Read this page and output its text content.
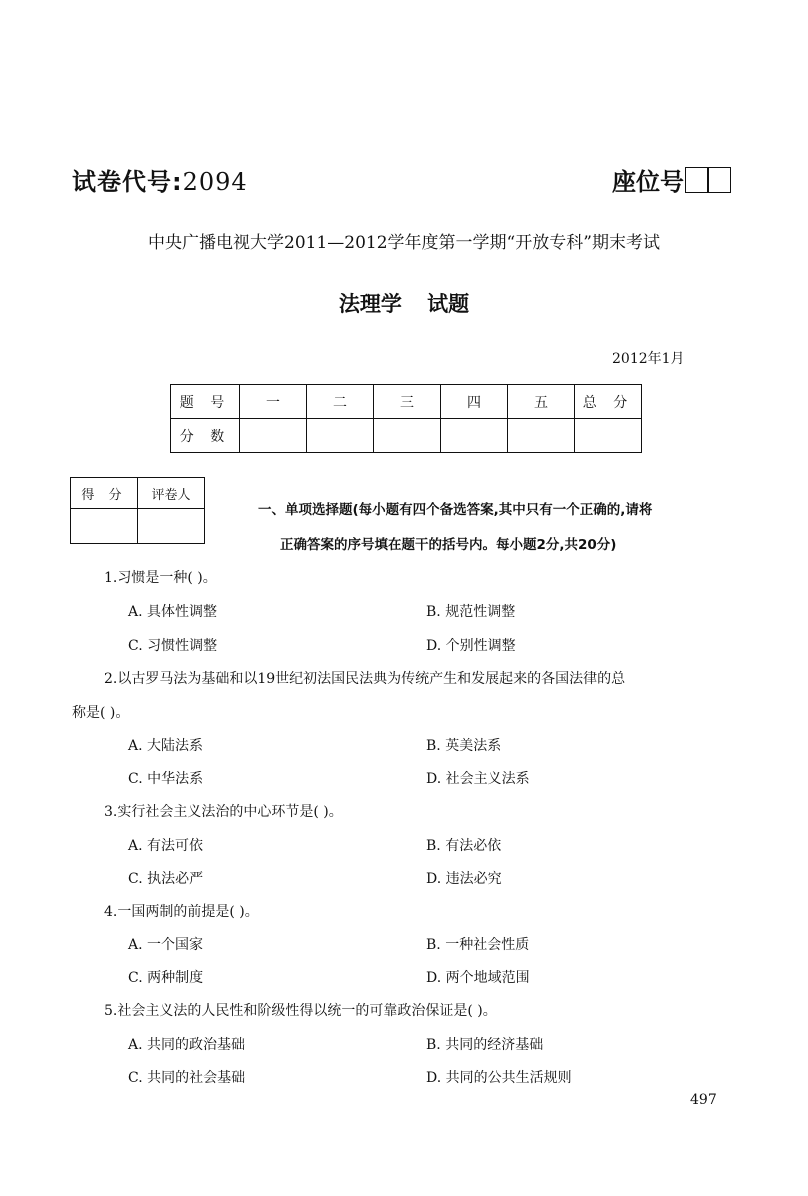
试卷代号:2094	座位号
中央广播电视大学2011—2012学年度第一学期“开放专科”期末考试
法理学 试题
2012年1月
题 号	一	二	三	四	五	总 分
分 数						
得 分	评卷人

一、单项选择题(每小题有四个备选答案,其中只有一个正确的,请将
正确答案的序号填在题干的括号内。每小题2分,共20分)
1.习惯是一种( )。
A. 具体性调整	B. 规范性调整
C. 习惯性调整	D. 个别性调整
2.以古罗马法为基础和以19世纪初法国民法典为传统产生和发展起来的各国法律的总
称是( )。
A. 大陆法系	B. 英美法系
C. 中华法系	D. 社会主义法系
3.实行社会主义法治的中心环节是( )。
A. 有法可依	B. 有法必依
C. 执法必严	D. 违法必究
4.一国两制的前提是( )。
A. 一个国家	B. 一种社会性质
C. 两种制度	D. 两个地域范围
5.社会主义法的人民性和阶级性得以统一的可靠政治保证是( )。
A. 共同的政治基础	B. 共同的经济基础
C. 共同的社会基础	D. 共同的公共生活规则
497
